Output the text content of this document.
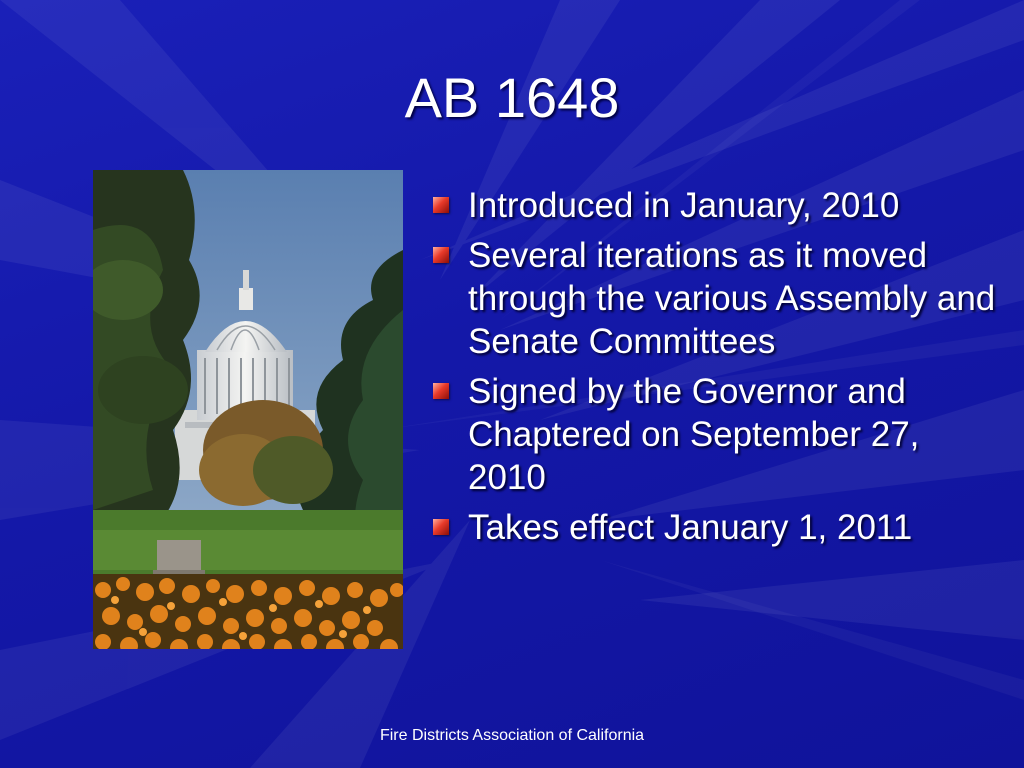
AB 1648
Introduced in January, 2010
Several iterations as it moved through the various Assembly and Senate Committees
Signed by the Governor and Chaptered on September 27, 2010
Takes effect January 1, 2011
Fire Districts Association of California
